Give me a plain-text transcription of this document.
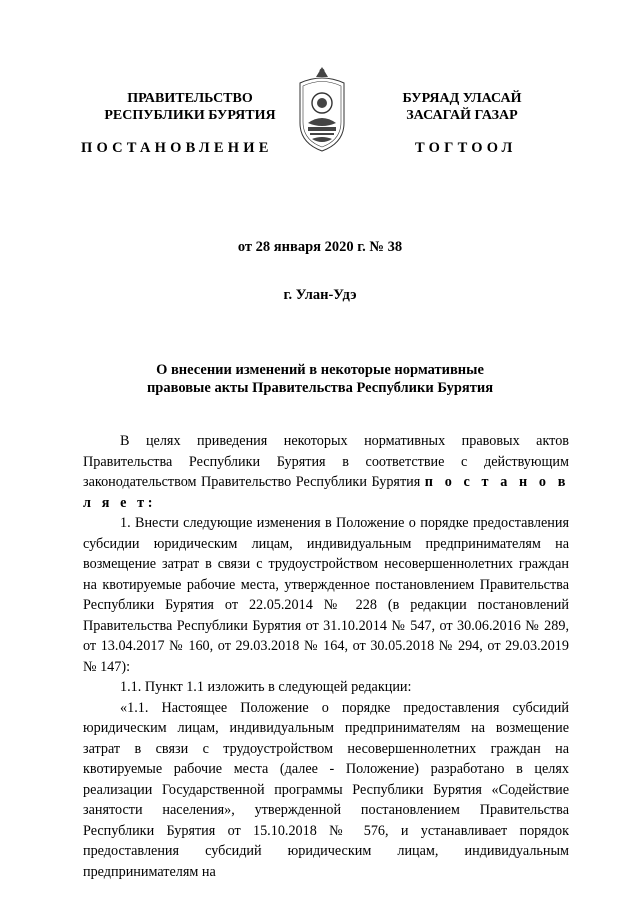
ПРАВИТЕЛЬСТВО
РЕСПУБЛИКИ БУРЯТИЯ
БУРЯАД УЛАСАЙ
ЗАСАГАЙ ГАЗАР
ПОСТАНОВЛЕНИЕ	ТОГТООЛ
от 28 января 2020 г. № 38
г. Улан-Удэ
О внесении изменений в некоторые нормативные
правовые акты Правительства Республики Бурятия

В целях приведения некоторых нормативных правовых актов Правительства Республики Бурятия в соответствие с действующим законодательством Правительство Республики Бурятия п о с т а н о в л я е т:

1. Внести следующие изменения в Положение о порядке предоставления субсидии юридическим лицам, индивидуальным предпринимателям на возмещение затрат в связи с трудоустройством несовершеннолетних граждан на квотируемые рабочие места, утвержденное постановлением Правительства Республики Бурятия от 22.05.2014 № 228 (в редакции постановлений Правительства Республики Бурятия от 31.10.2014 № 547, от 30.06.2016 № 289, от 13.04.2017 № 160, от 29.03.2018 № 164, от 30.05.2018 № 294, от 29.03.2019 № 147):

1.1. Пункт 1.1 изложить в следующей редакции:

«1.1. Настоящее Положение о порядке предоставления субсидий юридическим лицам, индивидуальным предпринимателям на возмещение затрат в связи с трудоустройством несовершеннолетних граждан на квотируемые рабочие места (далее - Положение) разработано в целях реализации Государственной программы Республики Бурятия «Содействие занятости населения», утвержденной постановлением Правительства Республики Бурятия от 15.10.2018 № 576, и устанавливает порядок предоставления субсидий юридическим лицам, индивидуальным предпринимателям на
